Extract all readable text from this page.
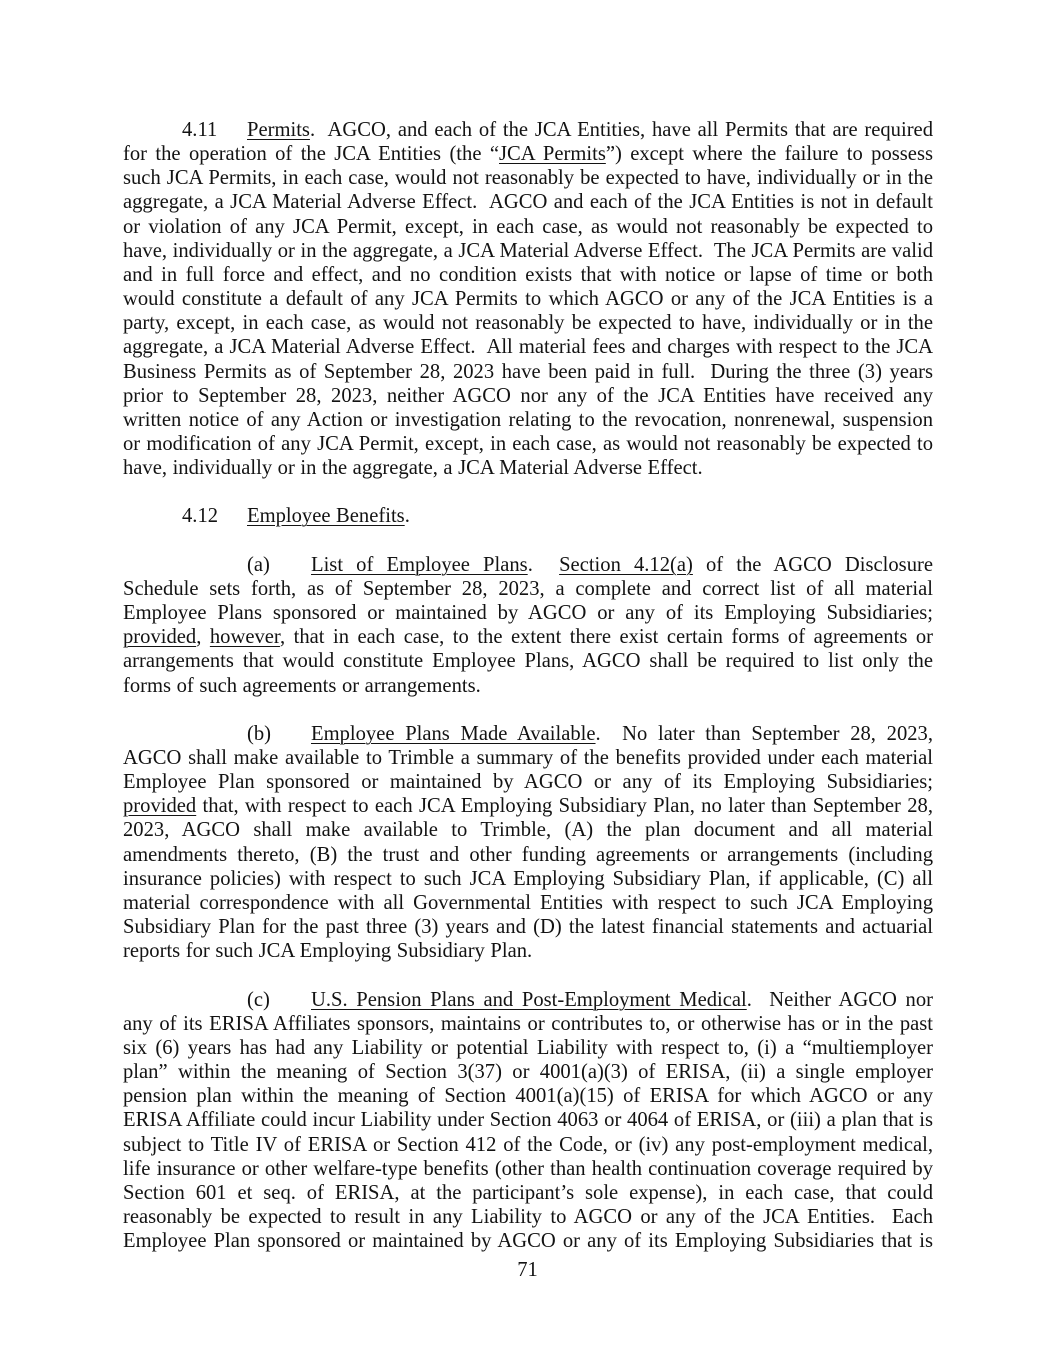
4.11 Permits.  AGCO, and each of the JCA Entities, have all Permits that are required for the operation of the JCA Entities (the “JCA Permits”) except where the failure to possess such JCA Permits, in each case, would not reasonably be expected to have, individually or in the aggregate, a JCA Material Adverse Effect.  AGCO and each of the JCA Entities is not in default or violation of any JCA Permit, except, in each case, as would not reasonably be expected to have, individually or in the aggregate, a JCA Material Adverse Effect.  The JCA Permits are valid and in full force and effect, and no condition exists that with notice or lapse of time or both would constitute a default of any JCA Permits to which AGCO or any of the JCA Entities is a party, except, in each case, as would not reasonably be expected to have, individually or in the aggregate, a JCA Material Adverse Effect.  All material fees and charges with respect to the JCA Business Permits as of September 28, 2023 have been paid in full.  During the three (3) years prior to September 28, 2023, neither AGCO nor any of the JCA Entities have received any written notice of any Action or investigation relating to the revocation, nonrenewal, suspension or modification of any JCA Permit, except, in each case, as would not reasonably be expected to have, individually or in the aggregate, a JCA Material Adverse Effect.

4.12 Employee Benefits.

(a) List of Employee Plans.  Section 4.12(a) of the AGCO Disclosure Schedule sets forth, as of September 28, 2023, a complete and correct list of all material Employee Plans sponsored or maintained by AGCO or any of its Employing Subsidiaries; provided, however, that in each case, to the extent there exist certain forms of agreements or arrangements that would constitute Employee Plans, AGCO shall be required to list only the forms of such agreements or arrangements.

(b) Employee Plans Made Available.  No later than September 28, 2023, AGCO shall make available to Trimble a summary of the benefits provided under each material Employee Plan sponsored or maintained by AGCO or any of its Employing Subsidiaries; provided that, with respect to each JCA Employing Subsidiary Plan, no later than September 28, 2023, AGCO shall make available to Trimble, (A) the plan document and all material amendments thereto, (B) the trust and other funding agreements or arrangements (including insurance policies) with respect to such JCA Employing Subsidiary Plan, if applicable, (C) all material correspondence with all Governmental Entities with respect to such JCA Employing Subsidiary Plan for the past three (3) years and (D) the latest financial statements and actuarial reports for such JCA Employing Subsidiary Plan.

(c) U.S. Pension Plans and Post-Employment Medical.  Neither AGCO nor any of its ERISA Affiliates sponsors, maintains or contributes to, or otherwise has or in the past six (6) years has had any Liability or potential Liability with respect to, (i) a “multiemployer plan” within the meaning of Section 3(37) or 4001(a)(3) of ERISA, (ii) a single employer pension plan within the meaning of Section 4001(a)(15) of ERISA for which AGCO or any ERISA Affiliate could incur Liability under Section 4063 or 4064 of ERISA, or (iii) a plan that is subject to Title IV of ERISA or Section 412 of the Code, or (iv) any post-employment medical, life insurance or other welfare-type benefits (other than health continuation coverage required by Section 601 et seq. of ERISA, at the participant’s sole expense), in each case, that could reasonably be expected to result in any Liability to AGCO or any of the JCA Entities.  Each Employee Plan sponsored or maintained by AGCO or any of its Employing Subsidiaries that is

71
